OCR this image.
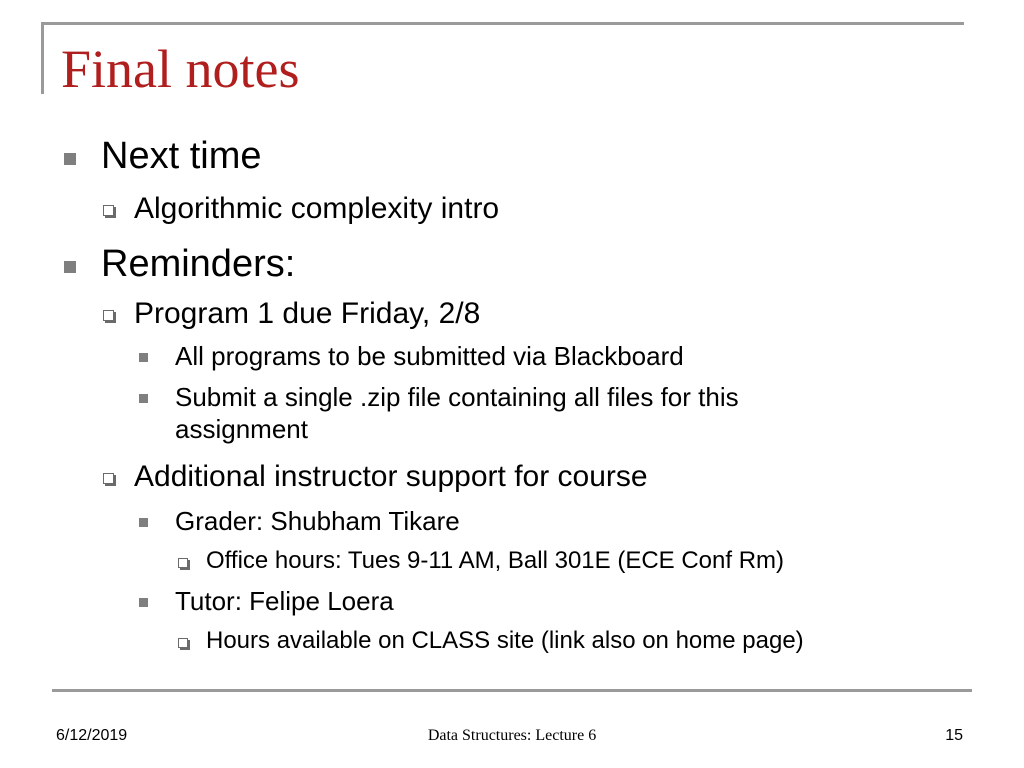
Final notes
Next time
Algorithmic complexity intro
Reminders:
Program 1 due Friday, 2/8
All programs to be submitted via Blackboard
Submit a single .zip file containing all files for this assignment
Additional instructor support for course
Grader: Shubham Tikare
Office hours: Tues 9-11 AM, Ball 301E (ECE Conf Rm)
Tutor: Felipe Loera
Hours available on CLASS site (link also on home page)
6/12/2019	Data Structures: Lecture 6	15
